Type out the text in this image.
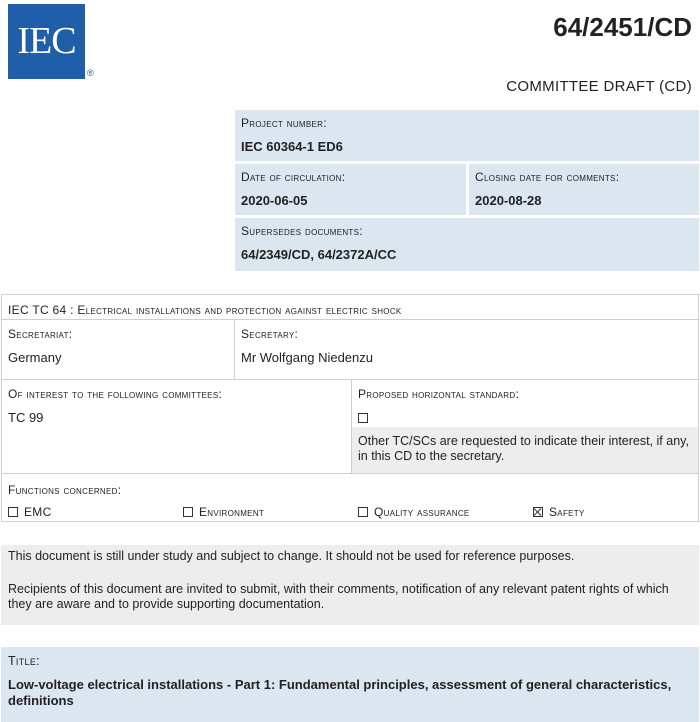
IEC
®
64/2451/CD
COMMITTEE DRAFT (CD)
Project number:
IEC 60364-1 ED6
Date of circulation:
2020-06-05
Closing date for comments:
2020-08-28
Supersedes documents:
64/2349/CD, 64/2372A/CC
IEC TC 64 : Electrical installations and protection against electric shock
Secretariat:
Germany
Secretary:
Mr Wolfgang Niedenzu
Of interest to the following committees:
TC 99
Proposed horizontal standard:
Other TC/SCs are requested to indicate their interest, if any, in this CD to the secretary.
Functions concerned:
EMC	Environment	Quality assurance	Safety
This document is still under study and subject to change. It should not be used for reference purposes.
Recipients of this document are invited to submit, with their comments, notification of any relevant patent rights of which they are aware and to provide supporting documentation.
Title:
Low-voltage electrical installations - Part 1: Fundamental principles, assessment of general characteristics, definitions
